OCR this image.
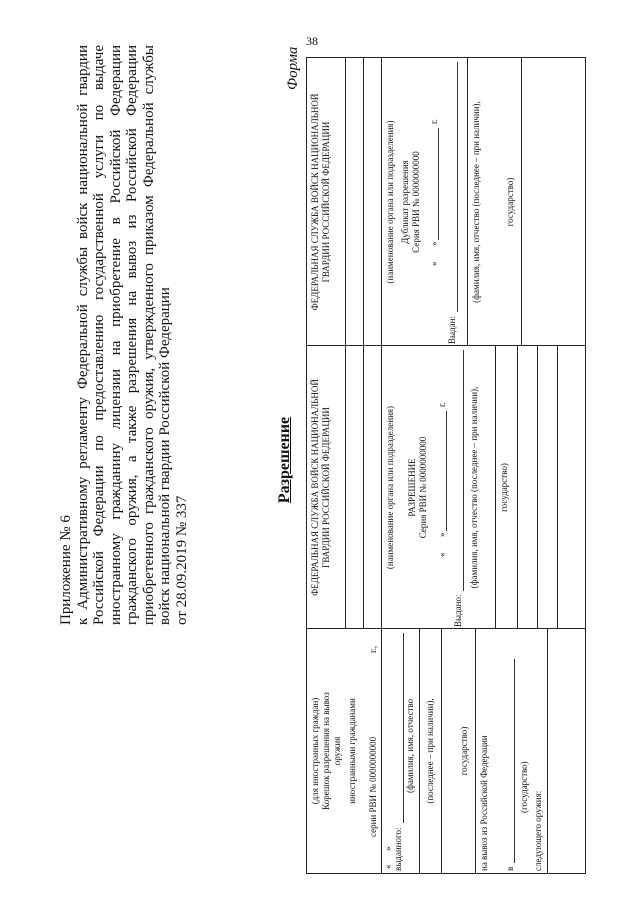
38

Приложение № 6 к Административному регламенту Федеральной службы войск национальной гвардии Российской Федерации по предоставлению государственной услуги по выдаче иностранному гражданину лицензии на приобретение в Российской Федерации гражданского оружия, а также разрешения на вывоз из Российской Федерации приобретенного гражданского оружия, утвержденного приказом Федеральной службы войск национальной гвардии Российской Федерации от 28.09.2019 № 337

Форма
Разрешение
(для иностранных граждан) Корешок разрешения на вывоз оружия иностранными гражданами серии РВИ № 0000000000
г.,
«
» выданного:
(фамилия, имя, отчество (последнее – при наличии),	государство) на вывоз из Российской Федерации в
(государство)
следующего оружия:
ФЕДЕРАЛЬНАЯ СЛУЖБА ВОЙСК НАЦИОНАЛЬНОЙ ГВАРДИИ РОССИЙСКОЙ ФЕДЕРАЦИИ	(наименование органа или подразделения) РАЗРЕШЕНИЕ Серия РВИ № 0000000000
«
»
г.
Выдано:
(фамилия, имя, отчество (последнее – при наличии), государство)
ФЕДЕРАЛЬНАЯ СЛУЖБА ВОЙСК НАЦИОНАЛЬНОЙ ГВАРДИИ РОССИЙСКОЙ ФЕДЕРАЦИИ	(наименование органа или подразделения) Дубликат разрешения Серия РВИ № 0000000000
«
»
г.
Выдан:
(фамилия, имя, отчество (последнее – при наличии),	государство)
